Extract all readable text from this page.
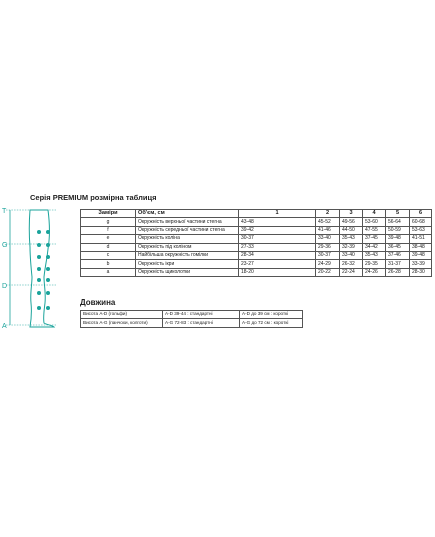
Серія PREMIUM розмірна таблиця
T
G
D
A
Заміри	Об'єм, см	1	2	3	4	5	6
g	Окружність верхньої частини стегна	43-48	45-52	49-56	53-60	56-64	60-68
f	Окружність середньої частини стегна	39-42	41-46	44-50	47-55	50-59	53-63
e	Окружність коліна	30-37	33-40	35-43	37-45	39-48	41-51
d	Окружність під коліном	27-33	29-36	32-39	34-42	36-45	38-48
c	Найбільша окружність гомілки	28-34	30-37	33-40	35-43	37-46	39-48
b	Окружність ікри	23-27	24-29	26-32	29-35	31-37	33-39
a	Окружність щиколотки	18-20	20-22	22-24	24-26	26-28	28-30
Довжина
Висота A-D (гольфи)	A-D 39-44 : стандартні	A-D до 39 см : короткі
Висота A-G (панчохи, колготи)	A-G 72-83 : стандартні	A-G до 72 см : короткі
